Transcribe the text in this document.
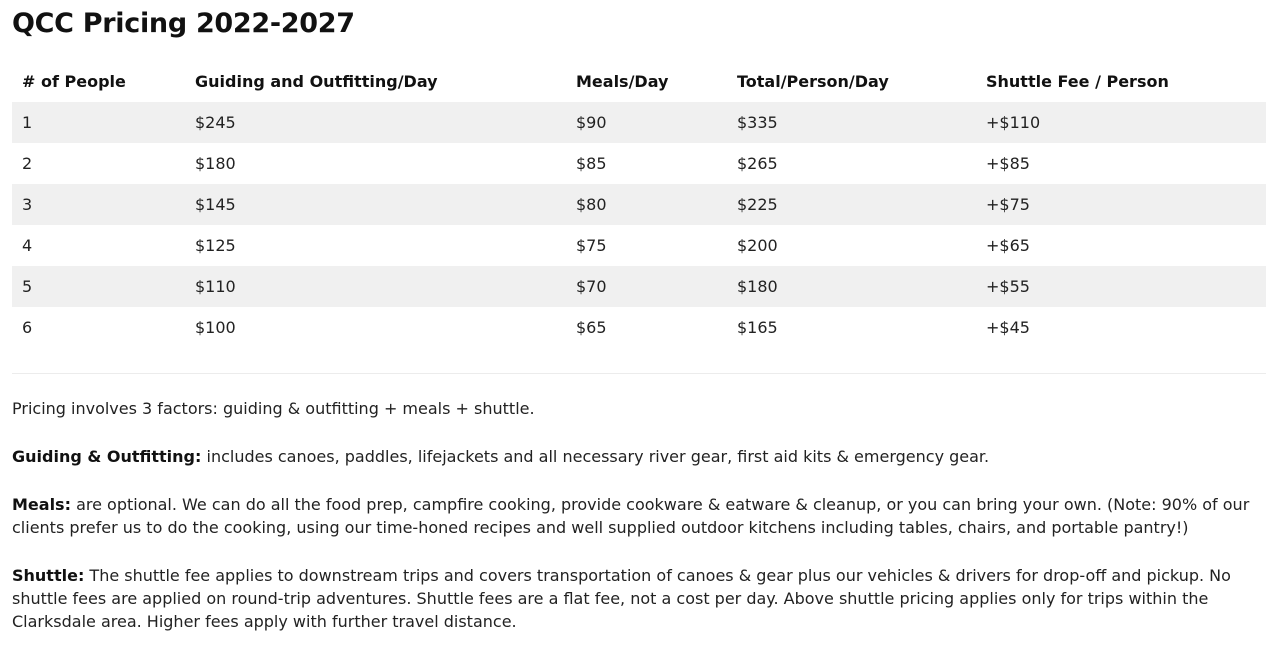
QCC Pricing 2022-2027
# of People	Guiding and Outfitting/Day	Meals/Day	Total/Person/Day	Shuttle Fee / Person
1	$245	$90	$335	+$110
2	$180	$85	$265	+$85
3	$145	$80	$225	+$75
4	$125	$75	$200	+$65
5	$110	$70	$180	+$55
6	$100	$65	$165	+$45

Pricing involves 3 factors: guiding & outfitting + meals + shuttle.

Guiding & Outfitting: includes canoes, paddles, lifejackets and all necessary river gear, first aid kits & emergency gear.

Meals: are optional. We can do all the food prep, campfire cooking, provide cookware & eatware & cleanup, or you can bring your own. (Note: 90% of our clients prefer us to do the cooking, using our time-honed recipes and well supplied outdoor kitchens including tables, chairs, and portable pantry!)

Shuttle: The shuttle fee applies to downstream trips and covers transportation of canoes & gear plus our vehicles & drivers for drop-off and pickup. No shuttle fees are applied on round-trip adventures. Shuttle fees are a flat fee, not a cost per day. Above shuttle pricing applies only for trips within the Clarksdale area. Higher fees apply with further travel distance.
